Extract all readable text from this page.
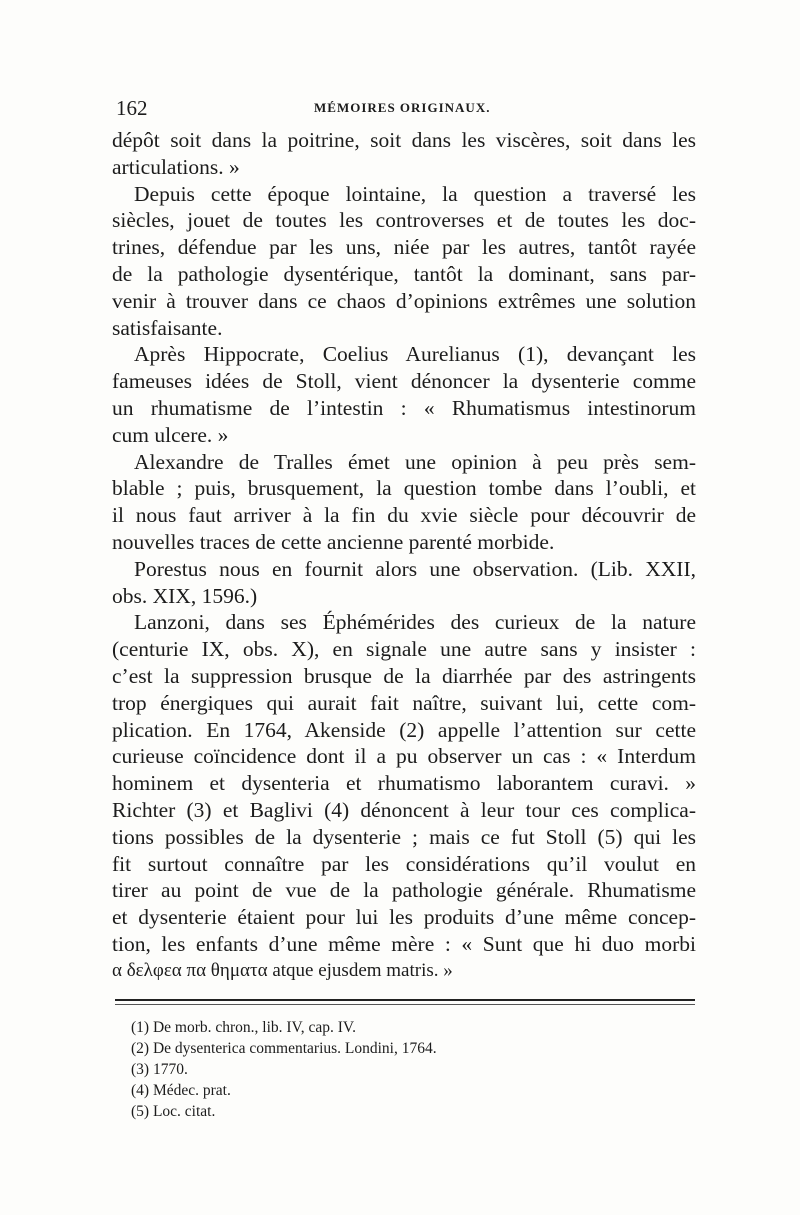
162	MÉMOIRES ORIGINAUX.
dépôt soit dans la poitrine, soit dans les viscères, soit dans les
articulations. »
Depuis cette époque lointaine, la question a traversé les
siècles, jouet de toutes les controverses et de toutes les doc-
trines, défendue par les uns, niée par les autres, tantôt rayée
de la pathologie dysentérique, tantôt la dominant, sans par-
venir à trouver dans ce chaos d’opinions extrêmes une solution
satisfaisante.
Après Hippocrate, Coelius Aurelianus (1), devançant les
fameuses idées de Stoll, vient dénoncer la dysenterie comme
un rhumatisme de l’intestin : « Rhumatismus intestinorum
cum ulcere. »
Alexandre de Tralles émet une opinion à peu près sem-
blable ; puis, brusquement, la question tombe dans l’oubli, et
il nous faut arriver à la fin du xvie siècle pour découvrir de
nouvelles traces de cette ancienne parenté morbide.
Porestus nous en fournit alors une observation. (Lib. XXII,
obs. XIX, 1596.)
Lanzoni, dans ses Éphémérides des curieux de la nature
(centurie IX, obs. X), en signale une autre sans y insister :
c’est la suppression brusque de la diarrhée par des astringents
trop énergiques qui aurait fait naître, suivant lui, cette com-
plication. En 1764, Akenside (2) appelle l’attention sur cette
curieuse coïncidence dont il a pu observer un cas : « Interdum
hominem et dysenteria et rhumatismo laborantem curavi. »
Richter (3) et Baglivi (4) dénoncent à leur tour ces complica-
tions possibles de la dysenterie ; mais ce fut Stoll (5) qui les
fit surtout connaître par les considérations qu’il voulut en
tirer au point de vue de la pathologie générale. Rhumatisme
et dysenterie étaient pour lui les produits d’une même concep-
tion, les enfants d’une même mère : « Sunt que hi duo morbi
α δελφεα πα θηματα atque ejusdem matris. »
(1) De morb. chron., lib. IV, cap. IV.
(2) De dysenterica commentarius. Londini, 1764.
(3) 1770.
(4) Médec. prat.
(5) Loc. citat.
